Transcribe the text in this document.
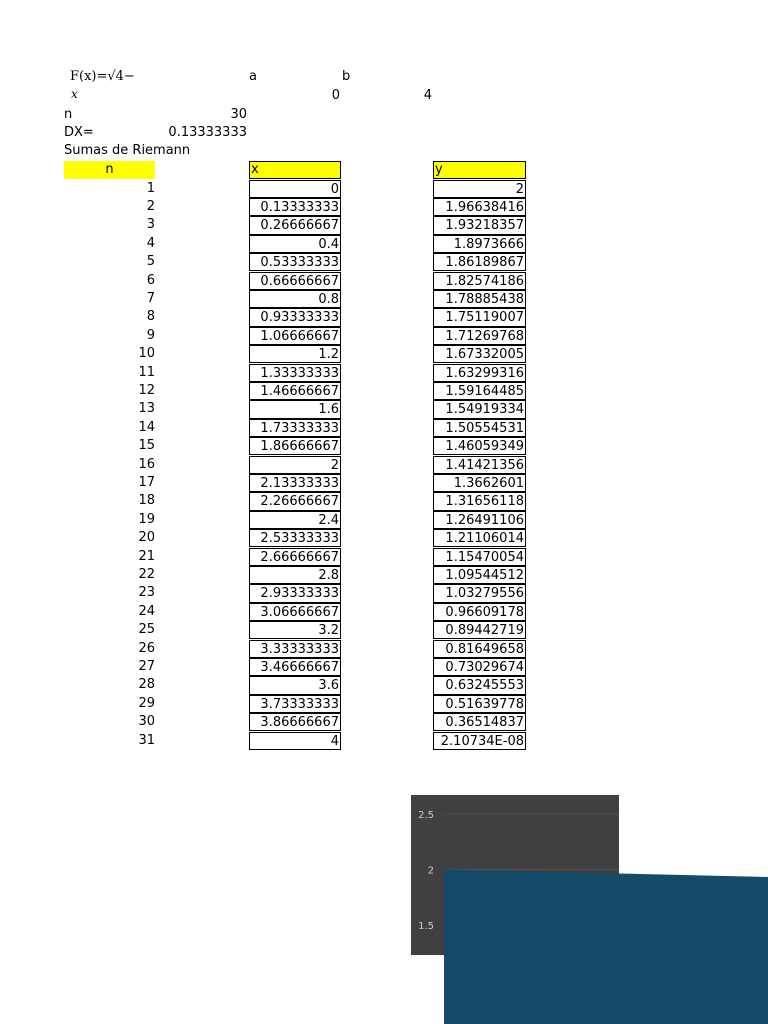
F(x)=√4−
x
a	b
0	4
n	30
DX=	0.13333333
Sumas de Riemann
n	x	y
1	0	2
2	0.13333333	1.96638416
3	0.26666667	1.93218357
4	0.4	1.8973666
5	0.53333333	1.86189867
6	0.66666667	1.82574186
7	0.8	1.78885438
8	0.93333333	1.75119007
9	1.06666667	1.71269768
10	1.2	1.67332005
11	1.33333333	1.63299316
12	1.46666667	1.59164485
13	1.6	1.54919334
14	1.73333333	1.50554531
15	1.86666667	1.46059349
16	2	1.41421356
17	2.13333333	1.3662601
18	2.26666667	1.31656118
19	2.4	1.26491106
20	2.53333333	1.21106014
21	2.66666667	1.15470054
22	2.8	1.09544512
23	2.93333333	1.03279556
24	3.06666667	0.96609178
25	3.2	0.89442719
26	3.33333333	0.81649658
27	3.46666667	0.73029674
28	3.6	0.63245553
29	3.73333333	0.51639778
30	3.86666667	0.36514837
31	4	2.10734E-08
2.5
2
1.5
